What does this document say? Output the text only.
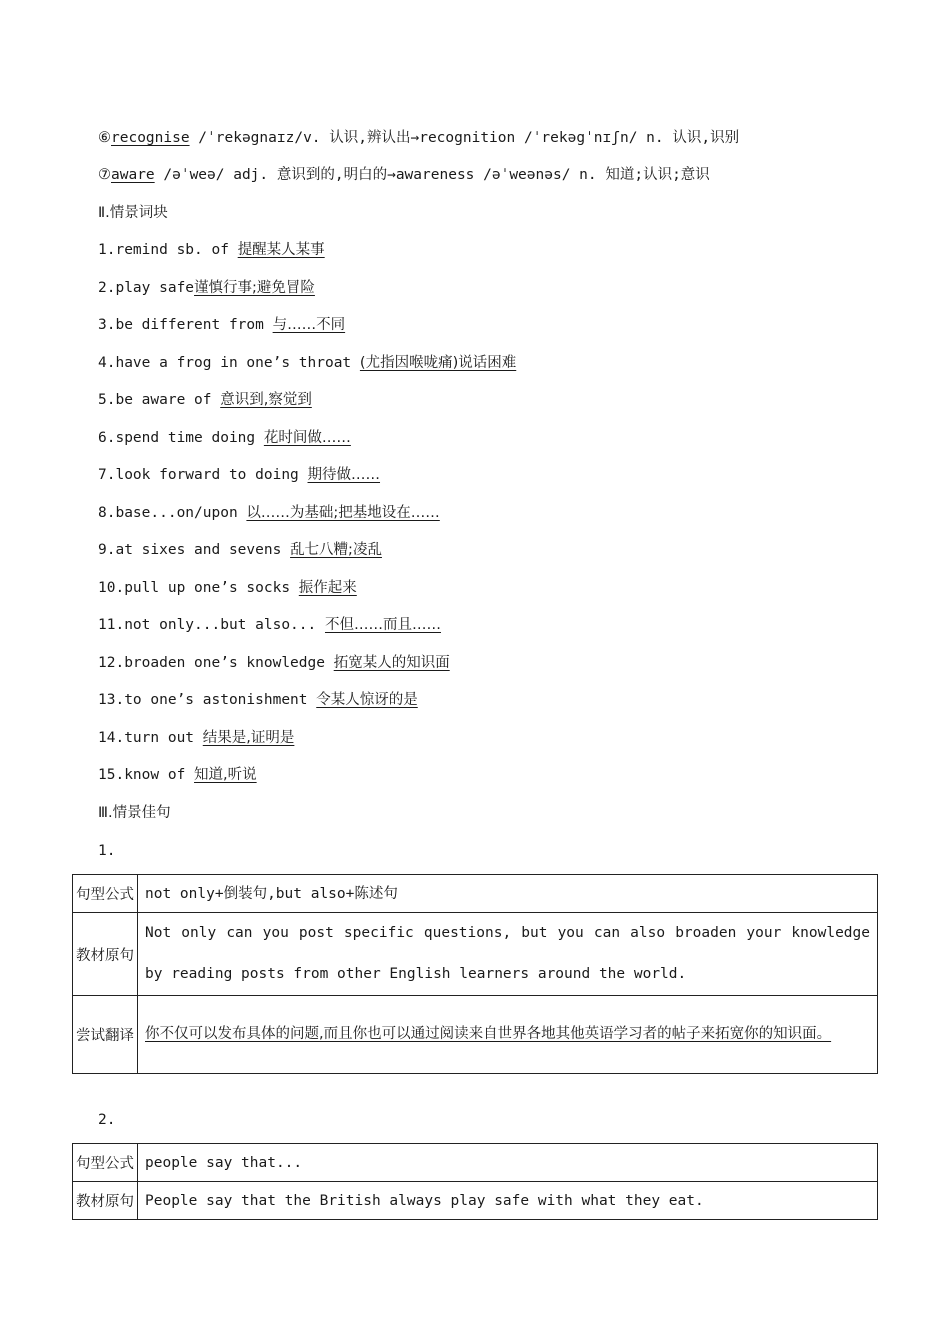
⑥recognise /ˈrekəgnaɪz/v. 认识,辨认出→recognition /ˈrekəgˈnɪʃn/ n. 认识,识别
⑦aware /əˈweə/ adj. 意识到的,明白的→awareness /əˈweənəs/ n. 知道;认识;意识
Ⅱ.情景词块
1.remind sb. of 提醒某人某事
2.play safe谨慎行事;避免冒险
3.be different from 与……不同
4.have a frog in one’s throat (尤指因喉咙痛)说话困难
5.be aware of 意识到,察觉到
6.spend time doing 花时间做……
7.look forward to doing 期待做……
8.base...on/upon 以……为基础;把基地设在……
9.at sixes and sevens 乱七八糟;凌乱
10.pull up one’s socks 振作起来
11.not only...but also... 不但……而且……
12.broaden one’s knowledge 拓宽某人的知识面
13.to one’s astonishment 令某人惊讶的是
14.turn out 结果是,证明是
15.know of 知道,听说
Ⅲ.情景佳句
1.
句型公式	not only+倒装句,but also+陈述句
教材原句	Not only can you post specific questions, but you can also broaden your knowledge by reading posts from other English learners around the world.
尝试翻译	你不仅可以发布具体的问题,而且你也可以通过阅读来自世界各地其他英语学习者的帖子来拓宽你的知识面。
2.
句型公式	people say that...
教材原句	People say that the British always play safe with what they eat.
